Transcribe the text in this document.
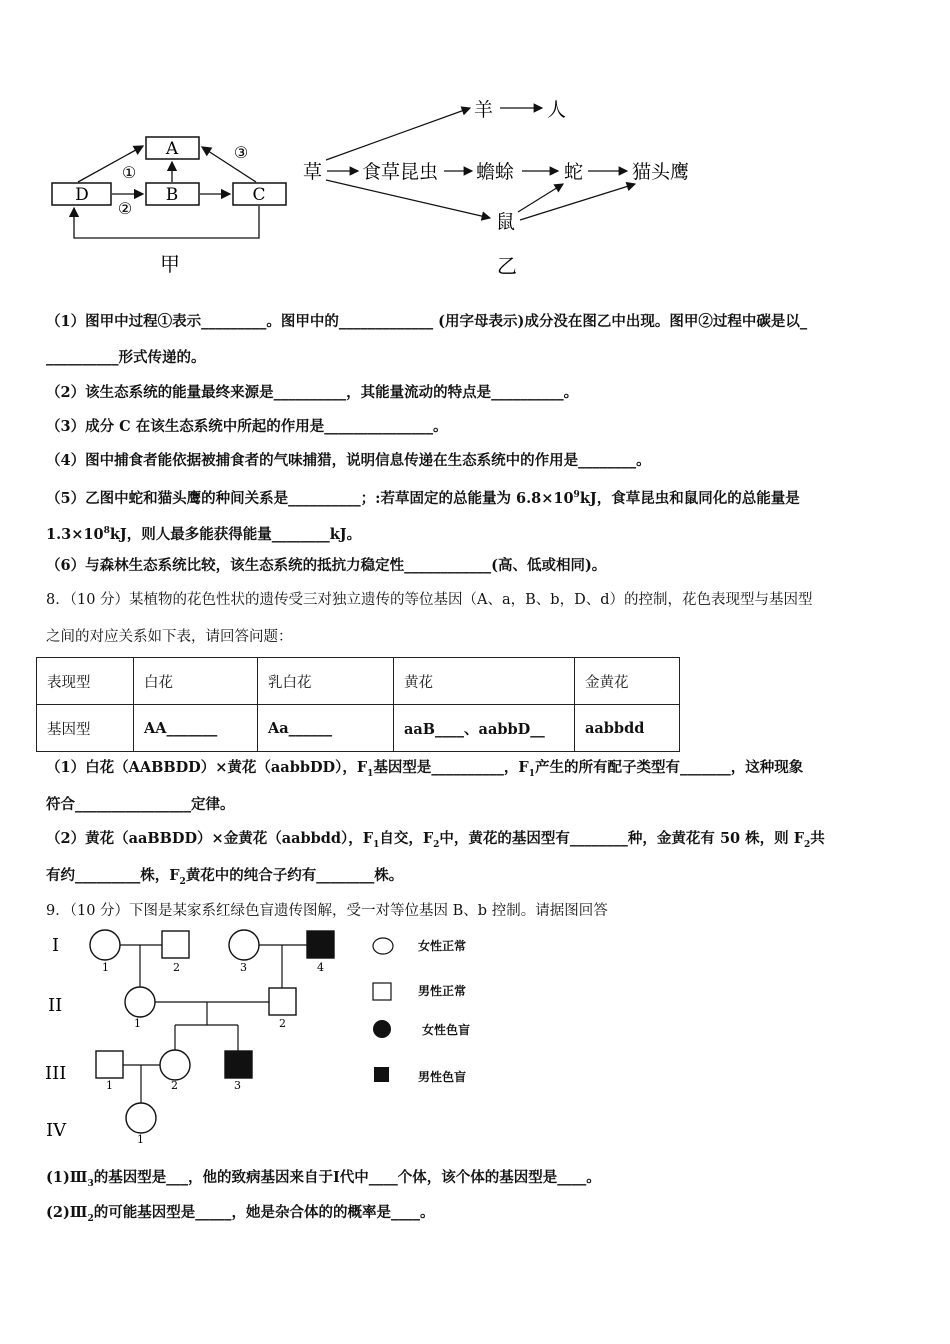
A
B	C
D
①
②
③
甲
草 食草昆虫 蟾蜍	蛇	猫头鹰
羊	人
鼠
乙
（1）图甲中过程①表示_________。图甲中的_____________ (用字母表示)成分没在图乙中出现。图甲②过程中碳是以_
__________形式传递的。
（2）该生态系统的能量最终来源是__________，其能量流动的特点是__________。
（3）成分 C 在该生态系统中所起的作用是_______________。
（4）图中捕食者能依据被捕食者的气味捕猎，说明信息传递在生态系统中的作用是________。
（5）乙图中蛇和猫头鹰的种间关系是__________；:若草固定的总能量为 $6.8\times 10^9kJ$，食草昆虫和鼠同化的总能量是
$1.3\times 10^8kJ$，则人最多能获得能量________kJ。
（6）与森林生态系统比较，该生态系统的抵抗力稳定性____________(高、低或相同)。
8．（10 分）某植物的花色性状的遗传受三对独立遗传的等位基因（A、a，B、b，D、d）的控制，花色表现型与基因型
之间的对应关系如下表，请回答问题：
表现型	白花	乳白花	黄花	金黄花
基因型	AA_______	Aa______	aaB____、aabbD__	aabbdd
（1）白花（AABBDD）×黄花（aabbDD），$F_1$基因型是__________，$F_1$产生的所有配子类型有_______，这种现象
符合________________定律。
（2）黄花（aaBBDD）×金黄花（aabbdd），$F_1$自交，$F_2$中，黄花的基因型有________种，金黄花有 50 株，则 $F_2$共
有约_________株，$F_2$黄花中的纯合子约有________株。
9．（10 分）下图是某家系红绿色盲遗传图解，受一对等位基因 B、b 控制。请据图回答
I
II
III
IV
1	2	3	4
1	2
1	2	3
1
女性正常
男性正常
女性色盲
男性色盲
$(1)Ⅲ_3$的基因型是___，他的致病基因来自于Ⅰ代中____个体，该个体的基因型是____。
$(2)Ⅲ_2$的可能基因型是_____，她是杂合体的的概率是____。
